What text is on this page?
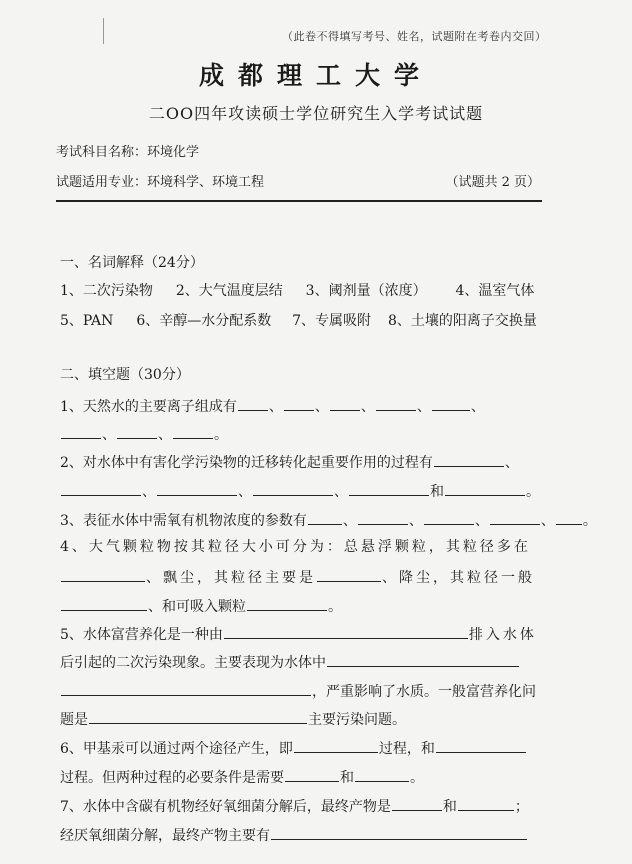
（此卷不得填写考号、姓名，试题附在考卷内交回）
成都理工大学
二OO四年攻读硕士学位研究生入学考试试题
考试科目名称：环境化学
试题适用专业：环境科学、环境工程	（试题共 2 页）
一、名词解释（24分）
1、二次污染物 2、大气温度层结 3、阈剂量（浓度） 4、温室气体
5、PAN 6、辛醇—水分配系数 7、专属吸附 8、土壤的阳离子交换量
二、填空题（30分）
1、天然水的主要离子组成有 、 、 、	、	、
、	、	。
2、对水体中有害化学污染物的迁移转化起重要作用的过程有	、
、	、	、	和	。
3、表征水体中需氧有机物浓度的参数有	、	、	、	、 。
4、大气颗粒物按其粒径大小可分为：总悬浮颗粒，其粒径多在
、飘尘，其粒径主要是	、降尘，其粒径一般
、和可吸入颗粒	。
5、水体富营养化是一种由	排入水体
后引起的二次污染现象。主要表现为水体中
，严重影响了水质。一般富营养化问
题是	主要污染问题。
6、甲基汞可以通过两个途径产生，即	过程，和
过程。但两种过程的必要条件是需要	和	。
7、水体中含碳有机物经好氧细菌分解后，最终产物是	和	；
经厌氧细菌分解，最终产物主要有
